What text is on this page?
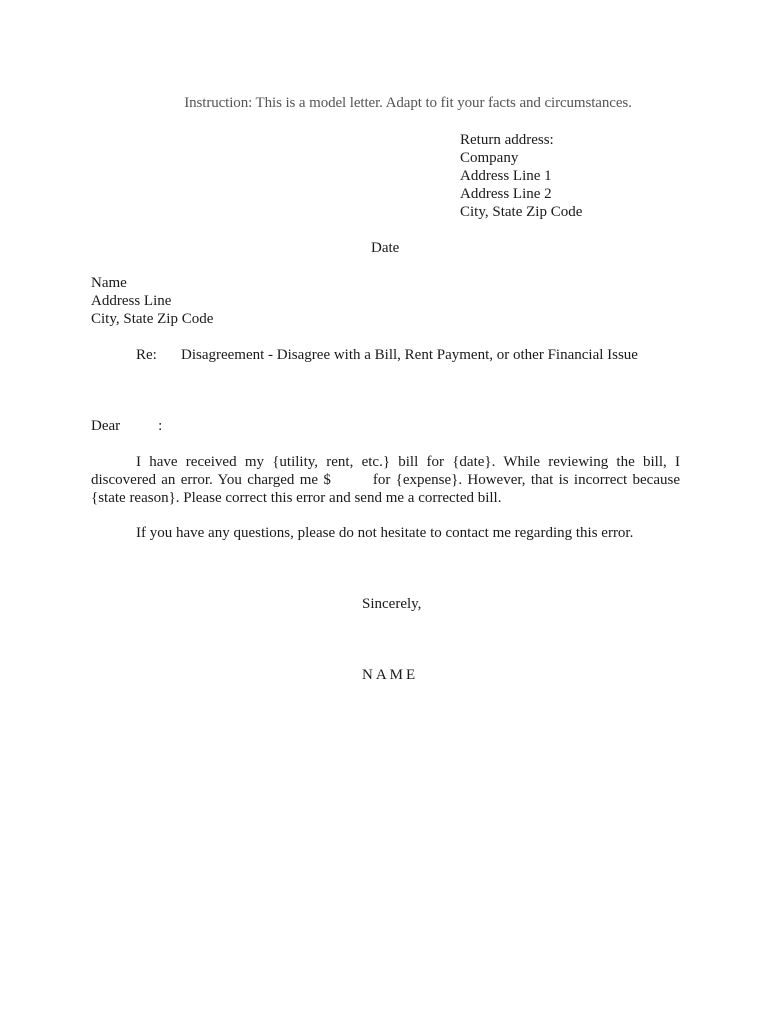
Instruction: This is a model letter. Adapt to fit your facts and circumstances.
Return address:
Company
Address Line 1
Address Line 2
City, State Zip Code
Date
Name
Address Line
City, State Zip Code
Re: Disagreement - Disagree with a Bill, Rent Payment, or other Financial Issue
Dear	:
I have received my {utility, rent, etc.} bill for {date}. While reviewing the bill, I discovered an error. You charged me $	for {expense}. However, that is incorrect because {state reason}. Please correct this error and send me a corrected bill.
If you have any questions, please do not hesitate to contact me regarding this error.
Sincerely,
NAME
